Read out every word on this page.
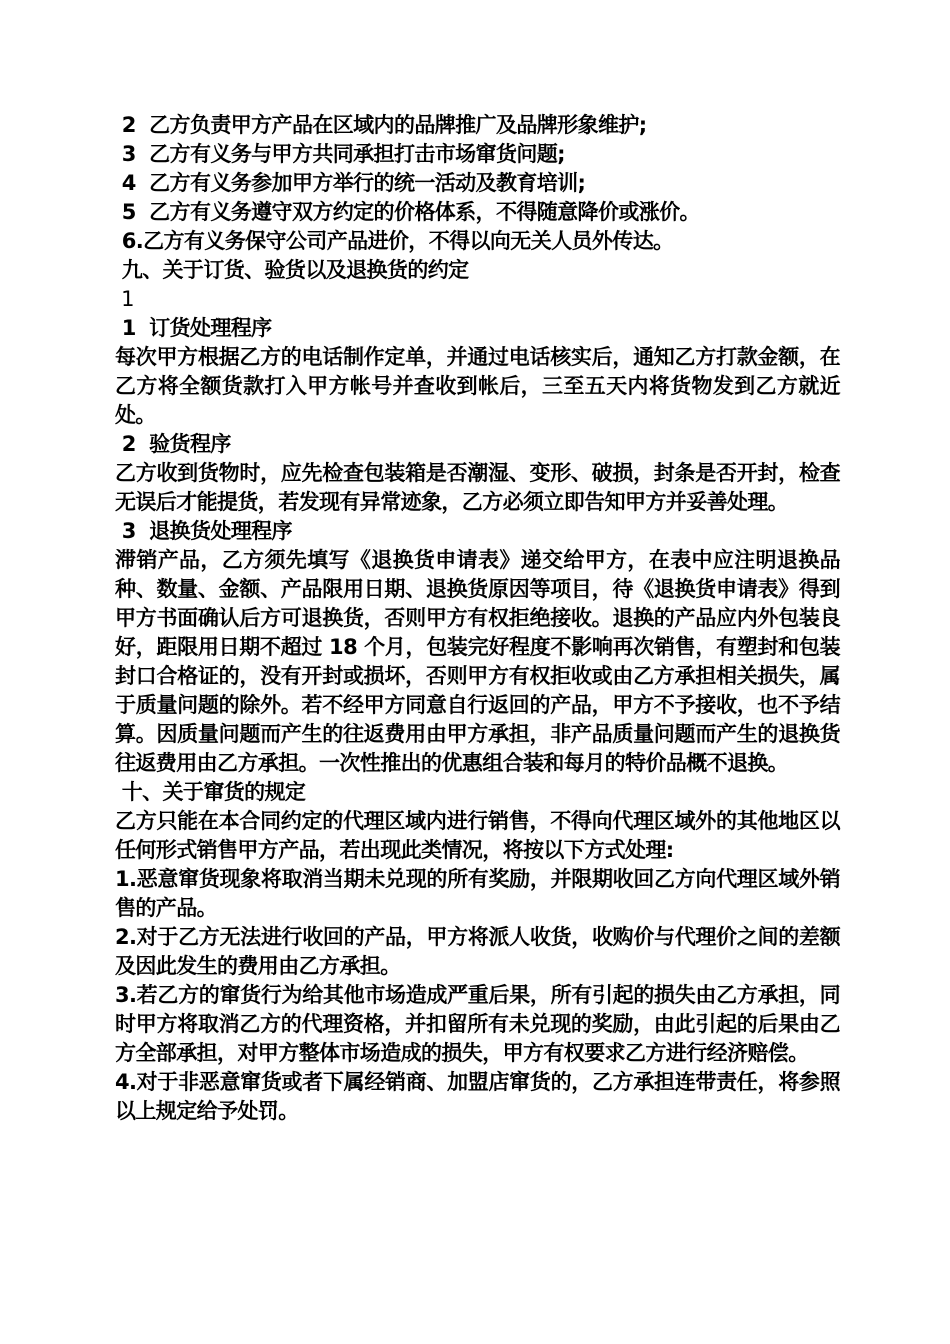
2  乙方负责甲方产品在区域内的品牌推广及品牌形象维护;

3  乙方有义务与甲方共同承担打击市场窜货问题;

4  乙方有义务参加甲方举行的统一活动及教育培训;

5  乙方有义务遵守双方约定的价格体系，不得随意降价或涨价。

6.乙方有义务保守公司产品进价，不得以向无关人员外传达。

九、关于订货、验货以及退换货的约定

1

1  订货处理程序

每次甲方根据乙方的电话制作定单，并通过电话核实后，通知乙方打款金额，在乙方将全额货款打入甲方帐号并查收到帐后，三至五天内将货物发到乙方就近处。

2  验货程序

乙方收到货物时，应先检查包装箱是否潮湿、变形、破损，封条是否开封，检查无误后才能提货，若发现有异常迹象，乙方必须立即告知甲方并妥善处理。

3  退换货处理程序

滞销产品，乙方须先填写《退换货申请表》递交给甲方，在表中应注明退换品种、数量、金额、产品限用日期、退换货原因等项目，待《退换货申请表》得到甲方书面确认后方可退换货，否则甲方有权拒绝接收。退换的产品应内外包装良好，距限用日期不超过 18 个月，包装完好程度不影响再次销售，有塑封和包装封口合格证的，没有开封或损坏，否则甲方有权拒收或由乙方承担相关损失，属于质量问题的除外。若不经甲方同意自行返回的产品，甲方不予接收，也不予结算。因质量问题而产生的往返费用由甲方承担，非产品质量问题而产生的退换货往返费用由乙方承担。一次性推出的优惠组合装和每月的特价品概不退换。

十、关于窜货的规定

乙方只能在本合同约定的代理区域内进行销售，不得向代理区域外的其他地区以任何形式销售甲方产品，若出现此类情况，将按以下方式处理:

1.恶意窜货现象将取消当期未兑现的所有奖励，并限期收回乙方向代理区域外销售的产品。

2.对于乙方无法进行收回的产品，甲方将派人收货，收购价与代理价之间的差额及因此发生的费用由乙方承担。

3.若乙方的窜货行为给其他市场造成严重后果，所有引起的损失由乙方承担，同时甲方将取消乙方的代理资格，并扣留所有未兑现的奖励，由此引起的后果由乙方全部承担，对甲方整体市场造成的损失，甲方有权要求乙方进行经济赔偿。

4.对于非恶意窜货或者下属经销商、加盟店窜货的，乙方承担连带责任，将参照以上规定给予处罚。
